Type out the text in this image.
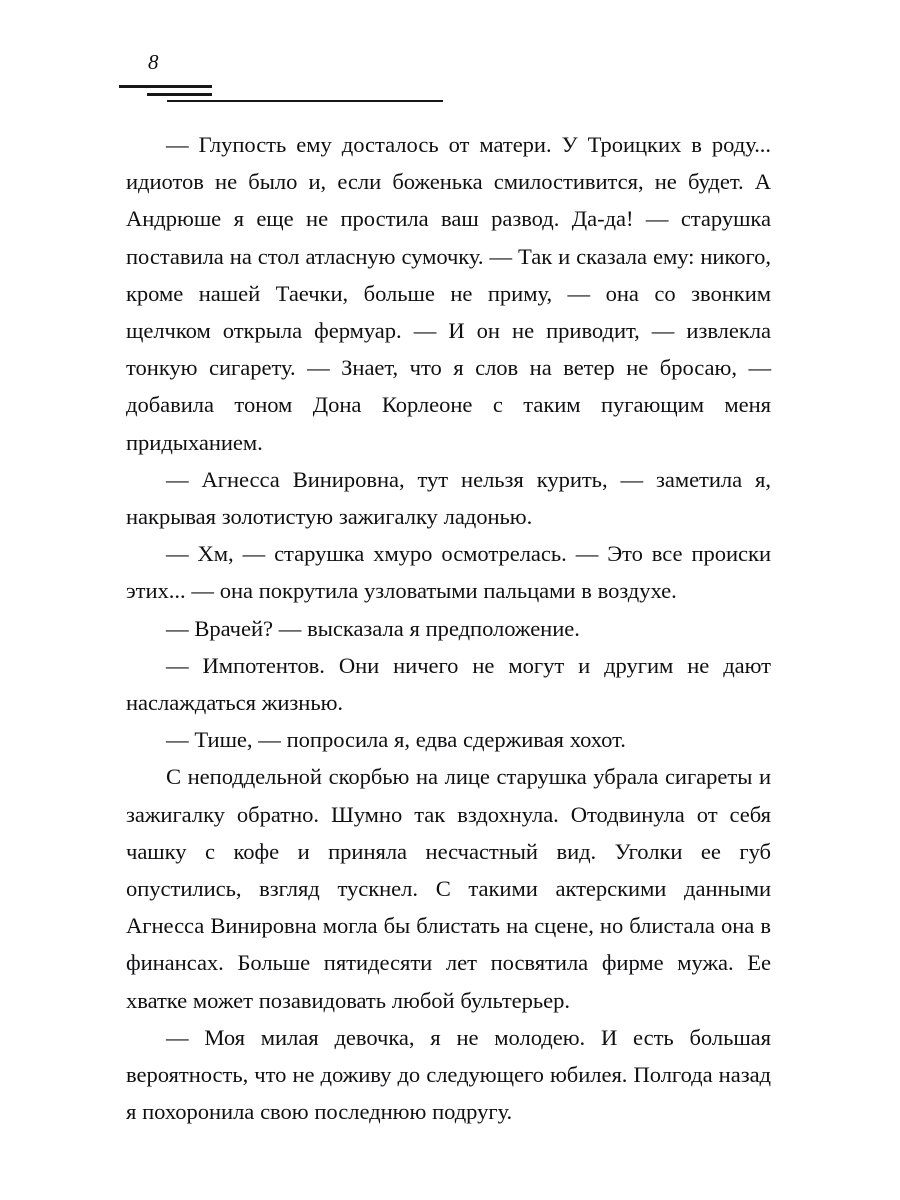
8

— Глупость ему досталось от матери. У Троицких в роду... идиотов не было и, если боженька смилостивится, не будет. А Андрюше я еще не простила ваш развод. Да-да! — старушка поставила на стол атласную сумочку. — Так и сказала ему: никого, кроме нашей Таечки, больше не приму, — она со звонким щелчком открыла фермуар. — И он не приводит, — извлекла тонкую сигарету. — Знает, что я слов на ветер не бросаю, — добавила тоном Дона Корлеоне с таким пугающим меня придыханием.

— Агнесса Винировна, тут нельзя курить, — заметила я, накрывая золотистую зажигалку ладонью.

— Хм, — старушка хмуро осмотрелась. — Это все происки этих... — она покрутила узловатыми пальцами в воздухе.

— Врачей? — высказала я предположение.

— Импотентов. Они ничего не могут и другим не дают наслаждаться жизнью.

— Тише, — попросила я, едва сдерживая хохот.

С неподдельной скорбью на лице старушка убрала сигареты и зажигалку обратно. Шумно так вздохнула. Отодвинула от себя чашку с кофе и приняла несчастный вид. Уголки ее губ опустились, взгляд тускнел. С такими актерскими данными Агнесса Винировна могла бы блистать на сцене, но блистала она в финансах. Больше пятидесяти лет посвятила фирме мужа. Ее хватке может позавидовать любой бультерьер.

— Моя милая девочка, я не молодею. И есть большая вероятность, что не доживу до следующего юбилея. Полгода назад я похоронила свою последнюю подругу.
